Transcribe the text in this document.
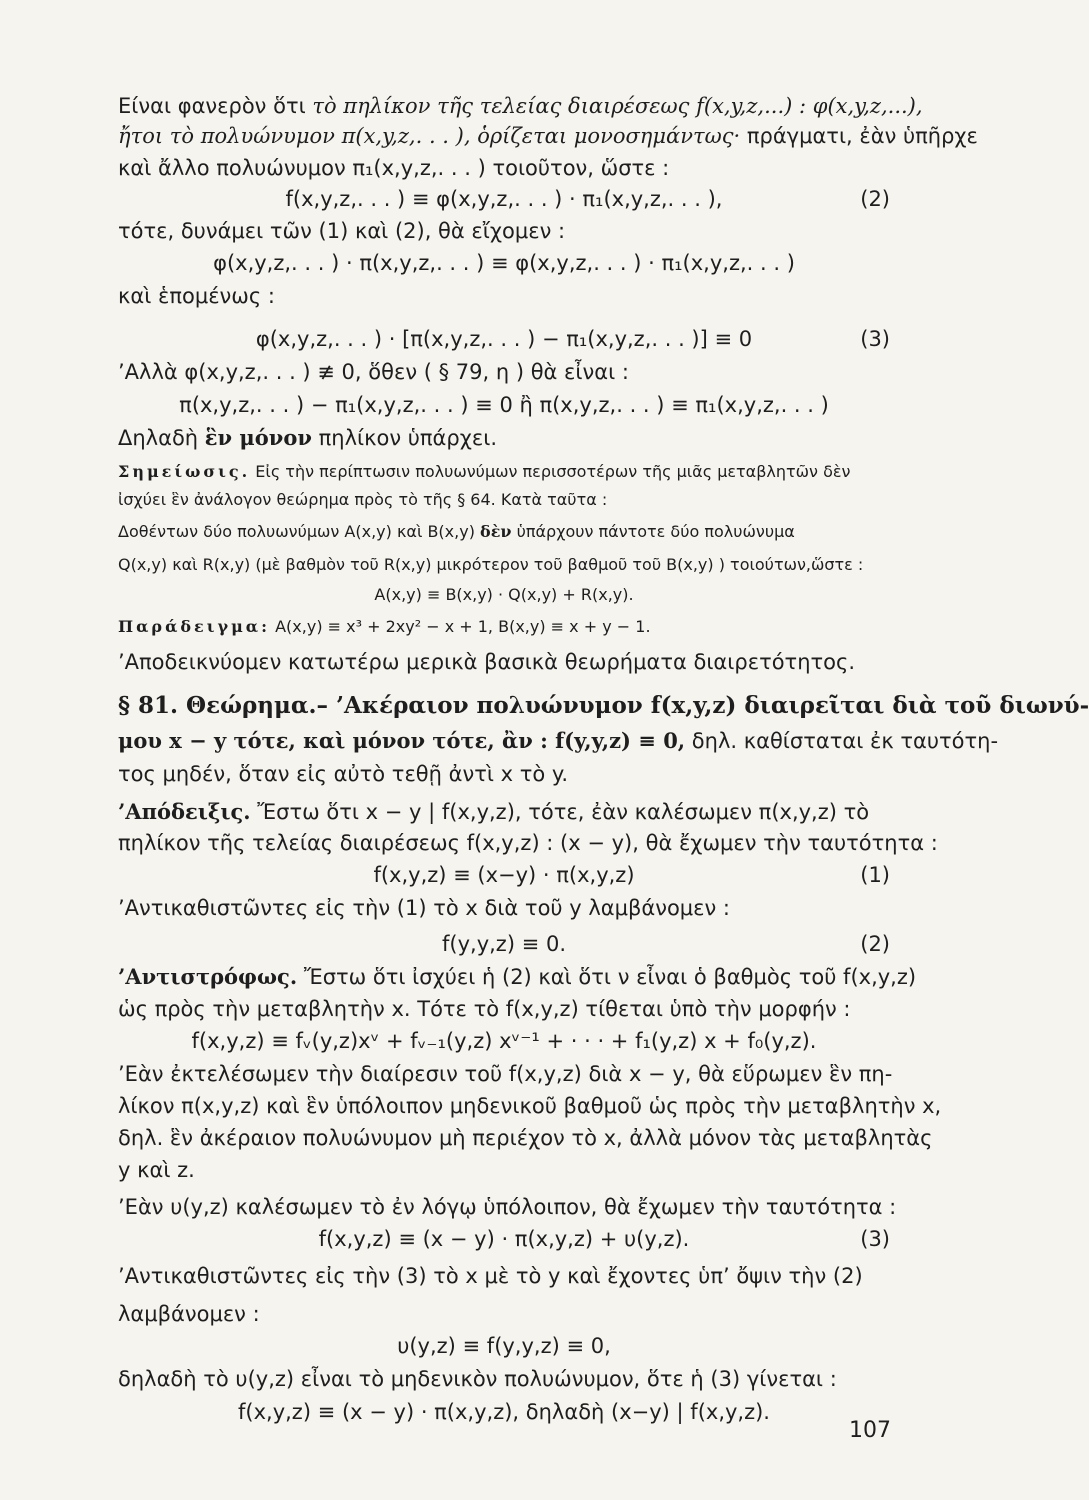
Είναι φανερὸν ὅτι τὸ πηλίκον τῆς τελείας διαιρέσεως f(x,y,z,...) : φ(x,y,z,...),
ἤτοι τὸ πολυώνυμον π(x,y,z,. . . ), ὁρίζεται μονοσημάντως· πράγματι, ἐὰν ὑπῆρχε
καὶ ἄλλο πολυώνυμον π₁(x,y,z,. . . ) τοιοῦτον, ὥστε :
f(x,y,z,. . . ) ≡ φ(x,y,z,. . . ) · π₁(x,y,z,. . . ),	(2)
τότε, δυνάμει τῶν (1) καὶ (2), θὰ εἴχομεν :
φ(x,y,z,. . . ) · π(x,y,z,. . . ) ≡ φ(x,y,z,. . . ) · π₁(x,y,z,. . . )
καὶ ἑπομένως :
φ(x,y,z,. . . ) · [π(x,y,z,. . . ) − π₁(x,y,z,. . . )] ≡ 0	(3)
’Αλλὰ φ(x,y,z,. . . ) ≢ 0, ὅθεν ( § 79, η ) θὰ εἶναι :
π(x,y,z,. . . ) − π₁(x,y,z,. . . ) ≡ 0 ἢ π(x,y,z,. . . ) ≡ π₁(x,y,z,. . . )
Δηλαδὴ ἓν μόνον πηλίκον ὑπάρχει.
Σημείωσις. Εἰς τὴν περίπτωσιν πολυωνύμων περισσοτέρων τῆς μιᾶς μεταβλητῶν δὲν
ἰσχύει ἓν ἀνάλογον θεώρημα πρὸς τὸ τῆς § 64. Κατὰ ταῦτα :
Δοθέντων δύο πολυωνύμων A(x,y) καὶ B(x,y) δὲν ὑπάρχουν πάντοτε δύο πολυώνυμα
Q(x,y) καὶ R(x,y) (μὲ βαθμὸν τοῦ R(x,y) μικρότερον τοῦ βαθμοῦ τοῦ B(x,y) ) τοιούτων,ὥστε :
A(x,y) ≡ B(x,y) · Q(x,y) + R(x,y).
Παράδειγμα: A(x,y) ≡ x³ + 2xy² − x + 1, B(x,y) ≡ x + y − 1.
’Αποδεικνύομεν κατωτέρω μερικὰ βασικὰ θεωρήματα διαιρετότητος.
§ 81. Θεώρημα.– ’Ακέραιον πολυώνυμον f(x,y,z) διαιρεῖται διὰ τοῦ διωνύ-
μου x − y τότε, καὶ μόνον τότε, ἂν : f(y,y,z) ≡ 0, δηλ. καθίσταται ἐκ ταυτότη-
τος μηδέν, ὅταν εἰς αὐτὸ τεθῇ ἀντὶ x τὸ y.
’Απόδειξις. Ἔστω ὅτι x − y | f(x,y,z), τότε, ἐὰν καλέσωμεν π(x,y,z) τὸ
πηλίκον τῆς τελείας διαιρέσεως f(x,y,z) : (x − y), θὰ ἔχωμεν τὴν ταυτότητα :
f(x,y,z) ≡ (x−y) · π(x,y,z)	(1)
’Αντικαθιστῶντες εἰς τὴν (1) τὸ x διὰ τοῦ y λαμβάνομεν :
f(y,y,z) ≡ 0.	(2)
’Αντιστρόφως. Ἔστω ὅτι ἰσχύει ἡ (2) καὶ ὅτι ν εἶναι ὁ βαθμὸς τοῦ f(x,y,z)
ὡς πρὸς τὴν μεταβλητὴν x. Τότε τὸ f(x,y,z) τίθεται ὑπὸ τὴν μορφήν :
f(x,y,z) ≡ fᵥ(y,z)xᵛ + fᵥ₋₁(y,z) xᵛ⁻¹ + · · · + f₁(y,z) x + f₀(y,z).
’Εὰν ἐκτελέσωμεν τὴν διαίρεσιν τοῦ f(x,y,z) διὰ x − y, θὰ εὕρωμεν ἓν πη-
λίκον π(x,y,z) καὶ ἓν ὑπόλοιπον μηδενικοῦ βαθμοῦ ὡς πρὸς τὴν μεταβλητὴν x,
δηλ. ἓν ἀκέραιον πολυώνυμον μὴ περιέχον τὸ x, ἀλλὰ μόνον τὰς μεταβλητὰς
y καὶ z.
’Εὰν υ(y,z) καλέσωμεν τὸ ἐν λόγῳ ὑπόλοιπον, θὰ ἔχωμεν τὴν ταυτότητα :
f(x,y,z) ≡ (x − y) · π(x,y,z) + υ(y,z).	(3)
’Αντικαθιστῶντες εἰς τὴν (3) τὸ x μὲ τὸ y καὶ ἔχοντες ὑπ’ ὄψιν τὴν (2)
λαμβάνομεν :
υ(y,z) ≡ f(y,y,z) ≡ 0,
δηλαδὴ τὸ υ(y,z) εἶναι τὸ μηδενικὸν πολυώνυμον, ὅτε ἡ (3) γίνεται :
f(x,y,z) ≡ (x − y) · π(x,y,z), δηλαδὴ (x−y) | f(x,y,z).
107
